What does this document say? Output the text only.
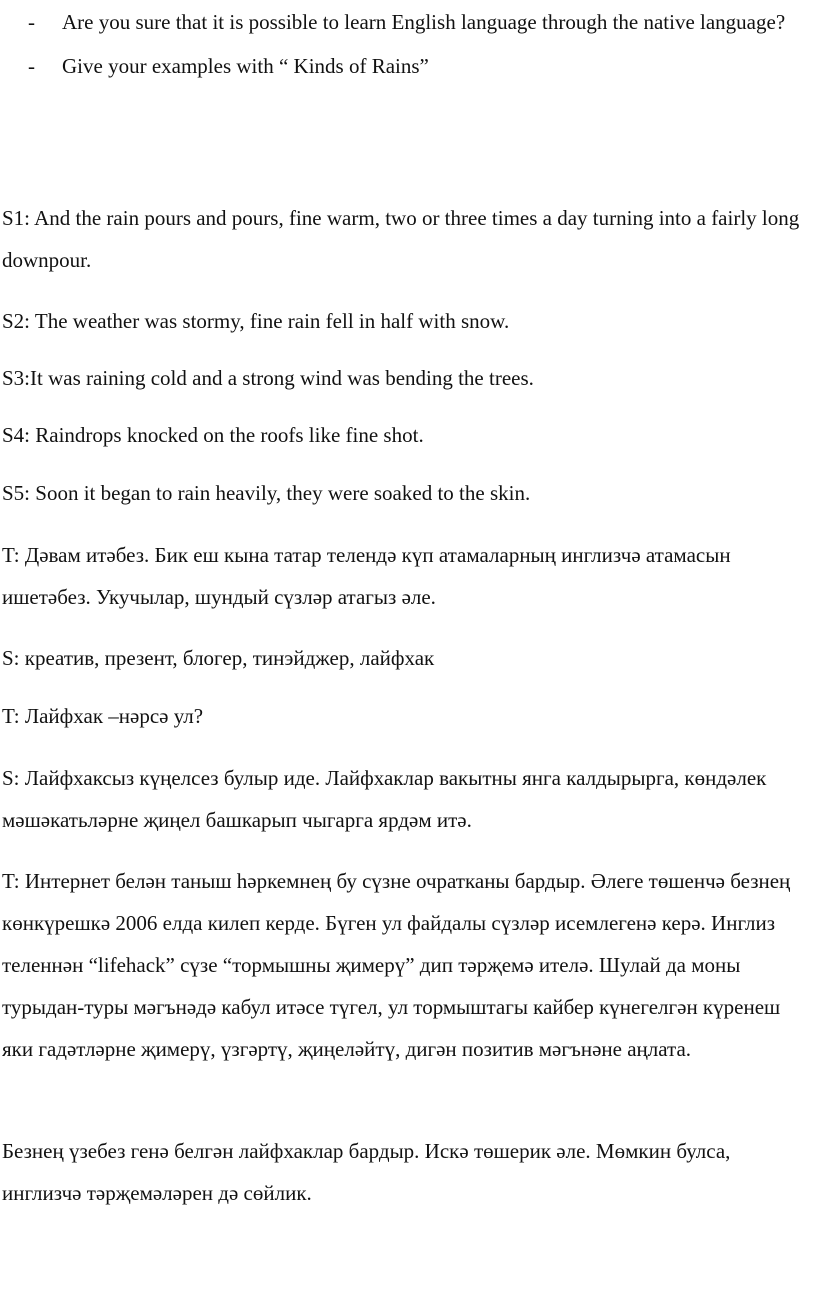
-	Are you sure that it is possible to learn English language through the native language?
-	Give your examples with “ Kinds of Rains”

S1: And the rain pours and pours, fine warm, two or three times a day turning into a fairly long downpour.

S2: The weather was stormy, fine rain fell in half with snow.

S3:It was raining cold and a strong wind was bending the trees.

S4: Raindrops knocked on the roofs like fine shot.

S5: Soon it began to rain heavily, they were soaked to the skin.

T: Дәвам итәбез. Бик еш кына татар телендә күп атамаларның инглизчә атамасын ишетәбез. Укучылар, шундый сүзләр атагыз әле.

S: креатив, презент, блогер, тинэйджер, лайфхак

T: Лайфхак –нәрсә ул?

S: Лайфхаксыз күңелсез булыр иде. Лайфхаклар вакытны янга калдырырга, көндәлек мәшәкатьләрне җиңел башкарып чыгарга ярдәм итә.

T: Интернет белән таныш һәркемнең бу сүзне очратканы бардыр. Әлеге төшенчә безнең көнкүрешкә 2006 елда килеп керде. Бүген ул файдалы сүзләр исемлегенә керә. Инглиз теленнән “lifehack” сүзе “тормышны җимерү” дип тәрҗемә ителә. Шулай да моны турыдан-туры мәгънәдә кабул итәсе түгел, ул тормыштагы кайбер күнегелгән күренеш яки гадәтләрне җимерү, үзгәртү, җиңеләйтү, дигән позитив мәгънәне аңлата.

Безнең үзебез генә белгән лайфхаклар бардыр. Искә төшерик әле. Мөмкин булса, инглизчә тәрҗемәләрен дә сөйлик.
